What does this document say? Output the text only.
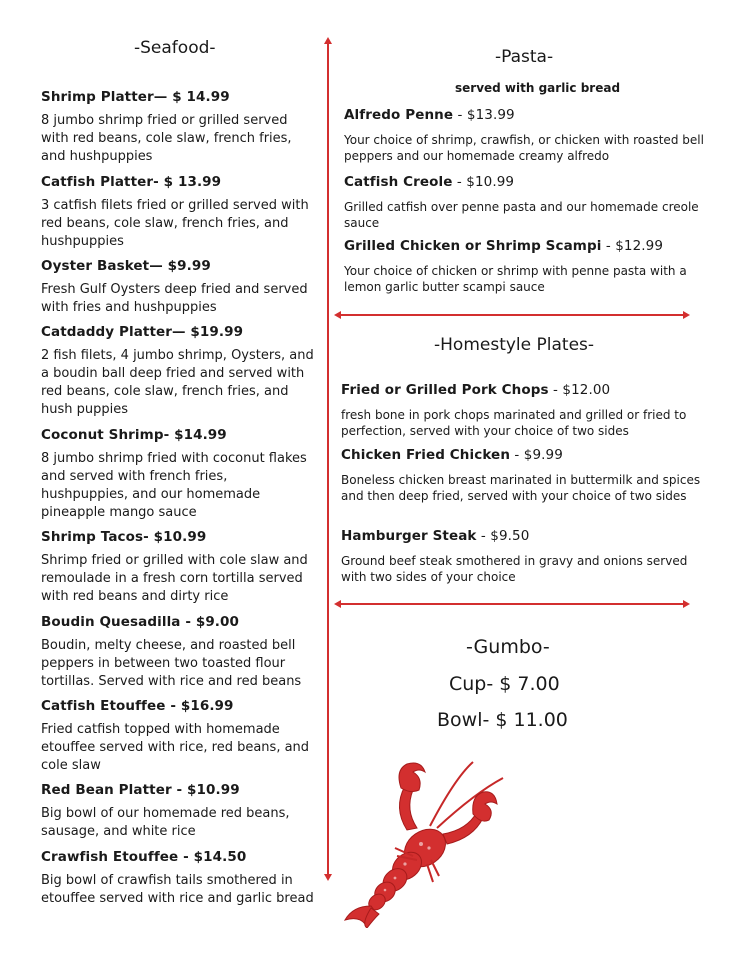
-Seafood-
Shrimp Platter— $ 14.99
8 jumbo shrimp fried or grilled served with red beans, cole slaw, french fries, and hushpuppies
Catfish Platter- $ 13.99
3 catfish filets fried or grilled served with red beans, cole slaw, french fries, and hushpuppies
Oyster Basket— $9.99
Fresh Gulf Oysters deep fried and served with fries and hushpuppies
Catdaddy Platter— $19.99
2 fish filets, 4 jumbo shrimp, Oysters, and a boudin ball deep fried and served with red beans, cole slaw, french fries, and hush puppies
Coconut Shrimp- $14.99
8 jumbo shrimp fried with coconut flakes and served with french fries, hushpuppies, and our homemade pineapple mango sauce
Shrimp Tacos- $10.99
Shrimp fried or grilled with cole slaw and remoulade in a fresh corn tortilla served with red beans and dirty rice
Boudin Quesadilla - $9.00
Boudin, melty cheese, and roasted bell peppers in between two toasted flour tortillas. Served with rice and red beans
Catfish Etouffee - $16.99
Fried catfish topped with homemade etouffee served with rice, red beans, and cole slaw
Red Bean Platter - $10.99
Big bowl of our homemade red beans, sausage, and white rice
Crawfish Etouffee - $14.50
Big bowl of crawfish tails smothered in etouffee served with rice and garlic bread
-Pasta-
served with garlic bread
Alfredo Penne - $13.99
Your choice of shrimp, crawfish, or chicken with roasted bell peppers and our homemade creamy alfredo
Catfish Creole - $10.99
Grilled catfish over penne pasta and our homemade creole sauce
Grilled Chicken or Shrimp Scampi - $12.99
Your choice of chicken or shrimp with penne pasta with a lemon garlic butter scampi sauce
-Homestyle Plates-
Fried or Grilled Pork Chops - $12.00
fresh bone in pork chops marinated and grilled or fried to perfection, served with your choice of two sides
Chicken Fried Chicken - $9.99
Boneless chicken breast marinated in buttermilk and spices and then deep fried, served with your choice of two sides
Hamburger Steak - $9.50
Ground beef steak smothered in gravy and onions served with two sides of your choice
-Gumbo-
Cup- $ 7.00
Bowl- $ 11.00
